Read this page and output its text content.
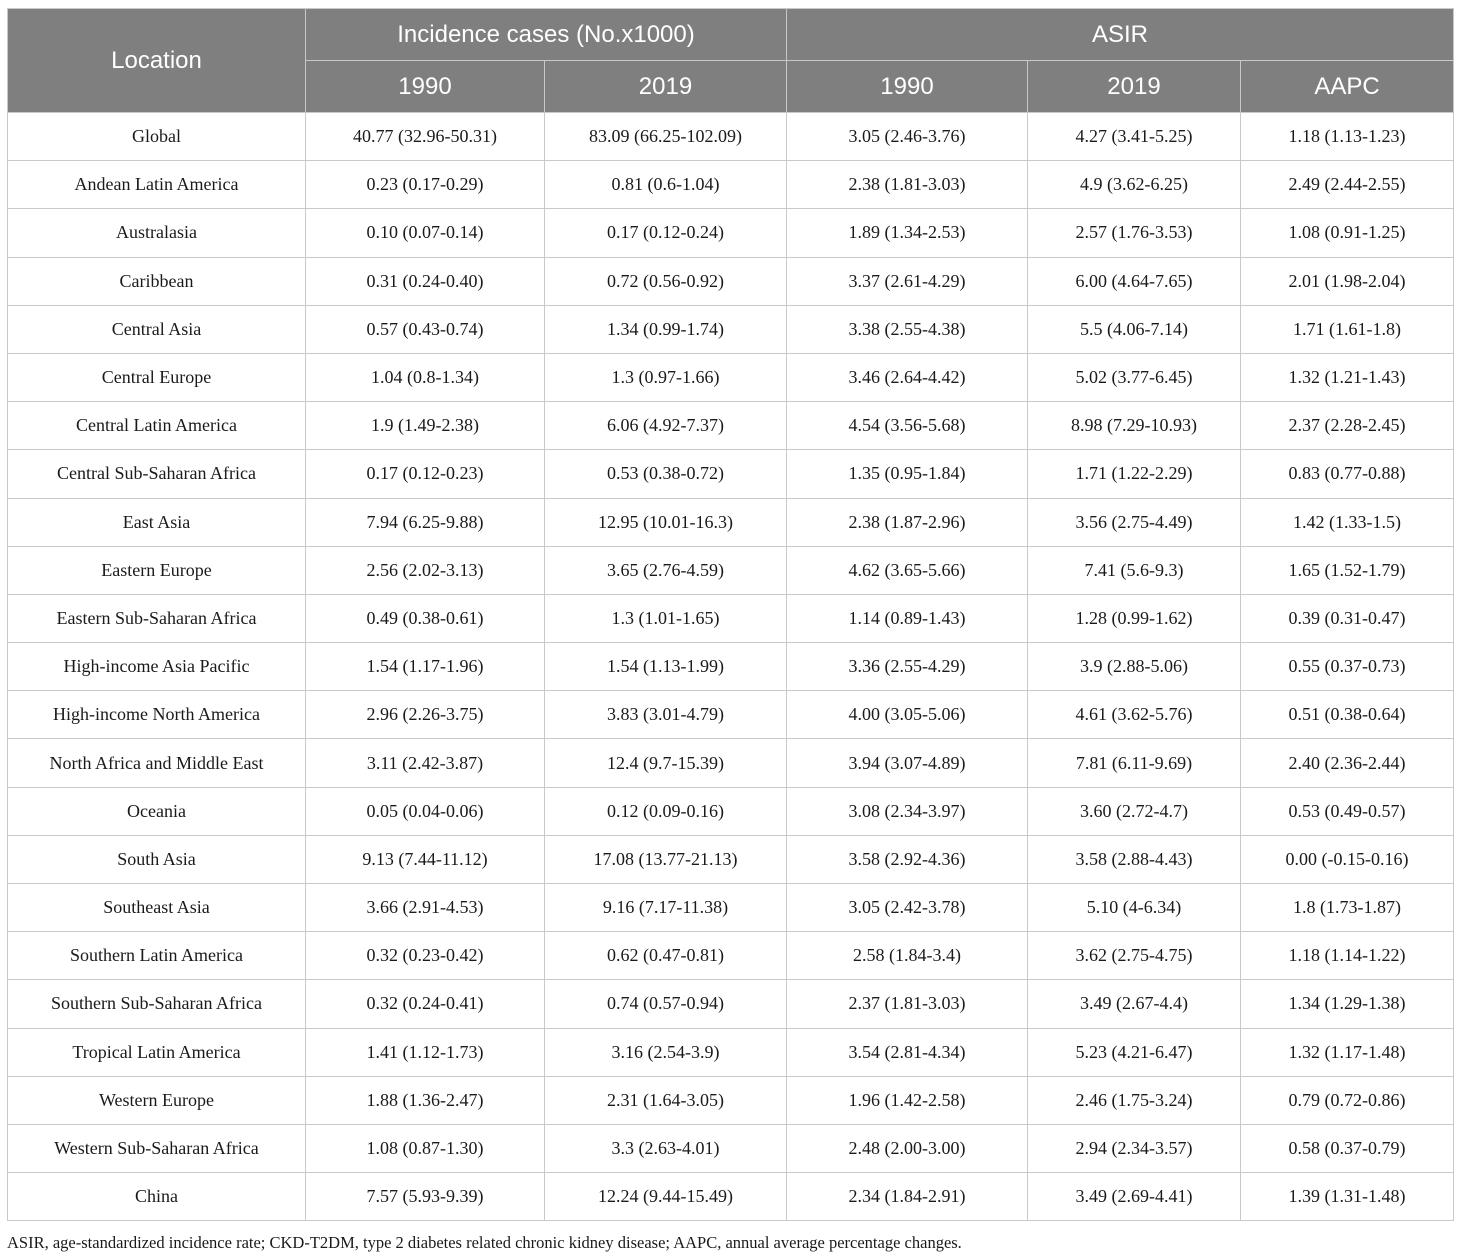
Location	Incidence cases (No.x1000)		ASIR		
	1990	2019	1990	2019	AAPC
Global	40.77 (32.96-50.31)	83.09 (66.25-102.09)	3.05 (2.46-3.76)	4.27 (3.41-5.25)	1.18 (1.13-1.23)
Andean Latin America	0.23 (0.17-0.29)	0.81 (0.6-1.04)	2.38 (1.81-3.03)	4.9 (3.62-6.25)	2.49 (2.44-2.55)
Australasia	0.10 (0.07-0.14)	0.17 (0.12-0.24)	1.89 (1.34-2.53)	2.57 (1.76-3.53)	1.08 (0.91-1.25)
Caribbean	0.31 (0.24-0.40)	0.72 (0.56-0.92)	3.37 (2.61-4.29)	6.00 (4.64-7.65)	2.01 (1.98-2.04)
Central Asia	0.57 (0.43-0.74)	1.34 (0.99-1.74)	3.38 (2.55-4.38)	5.5 (4.06-7.14)	1.71 (1.61-1.8)
Central Europe	1.04 (0.8-1.34)	1.3 (0.97-1.66)	3.46 (2.64-4.42)	5.02 (3.77-6.45)	1.32 (1.21-1.43)
Central Latin America	1.9 (1.49-2.38)	6.06 (4.92-7.37)	4.54 (3.56-5.68)	8.98 (7.29-10.93)	2.37 (2.28-2.45)
Central Sub-Saharan Africa	0.17 (0.12-0.23)	0.53 (0.38-0.72)	1.35 (0.95-1.84)	1.71 (1.22-2.29)	0.83 (0.77-0.88)
East Asia	7.94 (6.25-9.88)	12.95 (10.01-16.3)	2.38 (1.87-2.96)	3.56 (2.75-4.49)	1.42 (1.33-1.5)
Eastern Europe	2.56 (2.02-3.13)	3.65 (2.76-4.59)	4.62 (3.65-5.66)	7.41 (5.6-9.3)	1.65 (1.52-1.79)
Eastern Sub-Saharan Africa	0.49 (0.38-0.61)	1.3 (1.01-1.65)	1.14 (0.89-1.43)	1.28 (0.99-1.62)	0.39 (0.31-0.47)
High-income Asia Pacific	1.54 (1.17-1.96)	1.54 (1.13-1.99)	3.36 (2.55-4.29)	3.9 (2.88-5.06)	0.55 (0.37-0.73)
High-income North America	2.96 (2.26-3.75)	3.83 (3.01-4.79)	4.00 (3.05-5.06)	4.61 (3.62-5.76)	0.51 (0.38-0.64)
North Africa and Middle East	3.11 (2.42-3.87)	12.4 (9.7-15.39)	3.94 (3.07-4.89)	7.81 (6.11-9.69)	2.40 (2.36-2.44)
Oceania	0.05 (0.04-0.06)	0.12 (0.09-0.16)	3.08 (2.34-3.97)	3.60 (2.72-4.7)	0.53 (0.49-0.57)
South Asia	9.13 (7.44-11.12)	17.08 (13.77-21.13)	3.58 (2.92-4.36)	3.58 (2.88-4.43)	0.00 (-0.15-0.16)
Southeast Asia	3.66 (2.91-4.53)	9.16 (7.17-11.38)	3.05 (2.42-3.78)	5.10 (4-6.34)	1.8 (1.73-1.87)
Southern Latin America	0.32 (0.23-0.42)	0.62 (0.47-0.81)	2.58 (1.84-3.4)	3.62 (2.75-4.75)	1.18 (1.14-1.22)
Southern Sub-Saharan Africa	0.32 (0.24-0.41)	0.74 (0.57-0.94)	2.37 (1.81-3.03)	3.49 (2.67-4.4)	1.34 (1.29-1.38)
Tropical Latin America	1.41 (1.12-1.73)	3.16 (2.54-3.9)	3.54 (2.81-4.34)	5.23 (4.21-6.47)	1.32 (1.17-1.48)
Western Europe	1.88 (1.36-2.47)	2.31 (1.64-3.05)	1.96 (1.42-2.58)	2.46 (1.75-3.24)	0.79 (0.72-0.86)
Western Sub-Saharan Africa	1.08 (0.87-1.30)	3.3 (2.63-4.01)	2.48 (2.00-3.00)	2.94 (2.34-3.57)	0.58 (0.37-0.79)
China	7.57 (5.93-9.39)	12.24 (9.44-15.49)	2.34 (1.84-2.91)	3.49 (2.69-4.41)	1.39 (1.31-1.48)
ASIR, age-standardized incidence rate; CKD-T2DM, type 2 diabetes related chronic kidney disease; AAPC, annual average percentage changes.
